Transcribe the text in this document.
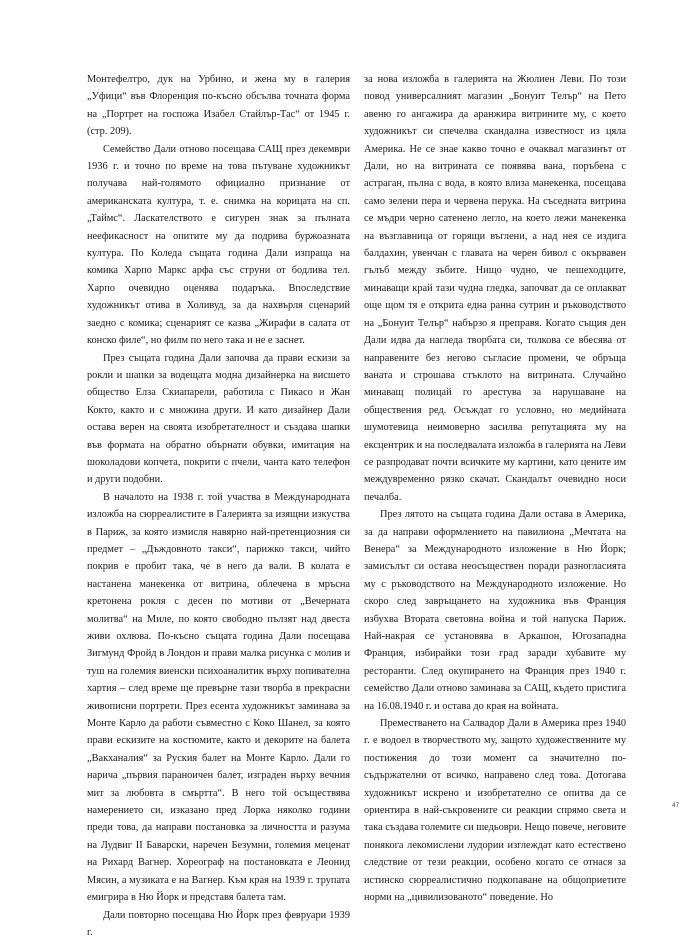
Монтефелтро, дук на Урбино, и жена му в галерия „Уфици“ във Флоренция по-късно обсълва точната форма на „Портрет на госпожа Изабел Стайлър-Тас“ от 1945 г. (стр. 209).

Семейство Дали отново посещава САЩ през декември 1936 г. и точно по време на това пътуване художникът получава най-голямото официално признание от американската култура, т. е. снимка на корицата на сп. „Таймс“. Ласкателството е сигурен знак за пълната неефикасност на опитите му да подрива буржоазната култура. По Коледа същата година Дали изпраща на комика Харпо Маркс арфа със струни от бодлива тел. Харпо очевидно оценява подаръка. Впоследствие художникът отива в Холивуд, за да нахвърля сценарий заедно с комика; сценарият се казва „Жирафи в салата от конско филе“, но филм по него така и не е заснет.

През същата година Дали започва да прави ескизи за рокли и шапки за водещата модна дизайнерка на висшето общество Елза Скиапарели, работила с Пикасо и Жан Кокто, както и с множина други. И като дизайнер Дали остава верен на своята изобретателност и създава шапки във формата на обратно обърнати обувки, имитация на шоколадови копчета, покрити с пчели, чанта като телефон и други подобни.

В началото на 1938 г. той участва в Международната изложба на сюрреалистите в Галерията за изящни изкуства в Париж, за която измисля навярно най-претенциозния си предмет – „Дъждовното такси“, парижко такси, чийто покрив е пробит така, че в него да вали. В колата е настанена манекенка от витрина, облечена в мръсна кретонена рокля с десен по мотиви от „Вечерната молитва“ на Миле, по която свободно пълзят над двеста живи охлюва. По-късно същата година Дали посещава Зигмунд Фройд в Лондон и прави малка рисунка с молив и туш на големия виенски психоаналитик върху попивателна хартия – след време ще превърне тази творба в прекрасни живописни портрети. През есента художникът заминава за Монте Карло да работи съвместно с Коко Шанел, за която прави ескизите на костюмите, както и декорите на балета „Вакханалия“ за Руския балет на Монте Карло. Дали го нарича „първия параноичен балет, изграден върху вечния мит за любовта в смъртта“. В него той осъществява намерението си, изказано пред Лорка няколко години преди това, да направи постановка за личността и разума на Лудвиг II Баварски, наречен Безумни, големия меценат на Рихард Вагнер. Хореограф на постановката е Леонид Мясин, а музиката е на Вагнер. Към края на 1939 г. трупата емигрира в Ню Йорк и представя балета там.

Дали повторно посещава Ню Йорк през февруари 1939 г.

за нова изложба в галерията на Жюлиен Леви. По този повод универсалният магазин „Бонуит Телър“ на Пето авеню го ангажира да аранжира витрините му, с което художникът си спечелва скандална известност из цяла Америка. Не се знае какво точно е очаквал магазинът от Дали, но на витрината се появява вана, поръбена с астраган, пълна с вода, в която влиза манекенка, посещава само зелени пера и червена перука. На съседната витрина се мъдри черно сатенено легло, на което лежи манекенка на възглавница от горящи въглени, а над нея се издига балдахин, увенчан с главата на черен бивол с окървавен гълъб между зъбите. Нищо чудно, че пешеходците, минаващи край тази чудна гледка, започват да се оплакват още щом тя е открита една ранна сутрин и ръководството на „Бонуит Телър“ набързо я преправя. Когато същия ден Дали идва да нагледа творбата си, толкова се вбесява от направените без негово съгласие промени, че обръща ваната и строшава стъклото на витрината. Случайно минаващ полицай го арестува за нарушаване на обществения ред. Осъждат го условно, но медийната шумотевица неимоверно засилва репутацията му на ексцентрик и на последвалата изложба в галерията на Леви се разпродават почти всичките му картини, като цените им междувременно рязко скачат. Скандалът очевидно носи печалба.

През лятото на същата година Дали остава в Америка, за да направи оформлението на павилиона „Мечтата на Венера“ за Международното изложение в Ню Йорк; замисълът си остава неосъществен поради разногласията му с ръководството на Международното изложение. Но скоро след завръщането на художника във Франция избухва Втората световна война и той напуска Париж. Най-накрая се установява в Аркашон, Югозападна Франция, избирайки този град заради хубавите му ресторанти. След окупирането на Франция през 1940 г. семейство Дали отново заминава за САЩ, където пристига на 16.08.1940 г. и остава до края на войната.

Преместването на Салвадор Дали в Америка през 1940 г. е водоел в творчеството му, защото художественните му постижения до този момент са значително по-съдържателни от всичко, направено след това. Дотогава художникът искрено и изобретателно се опитва да се ориентира в най-съкровените си реакции спрямо света и така създава големите си шедьоври. Нещо повече, неговите понякога лекомислени лудории изглеждат като естествено следствие от тези реакции, особено когато се отнася за истинско сюрреалистично подкопаване на общоприетите норми на „цивилизованото“ поведение. Но

47
